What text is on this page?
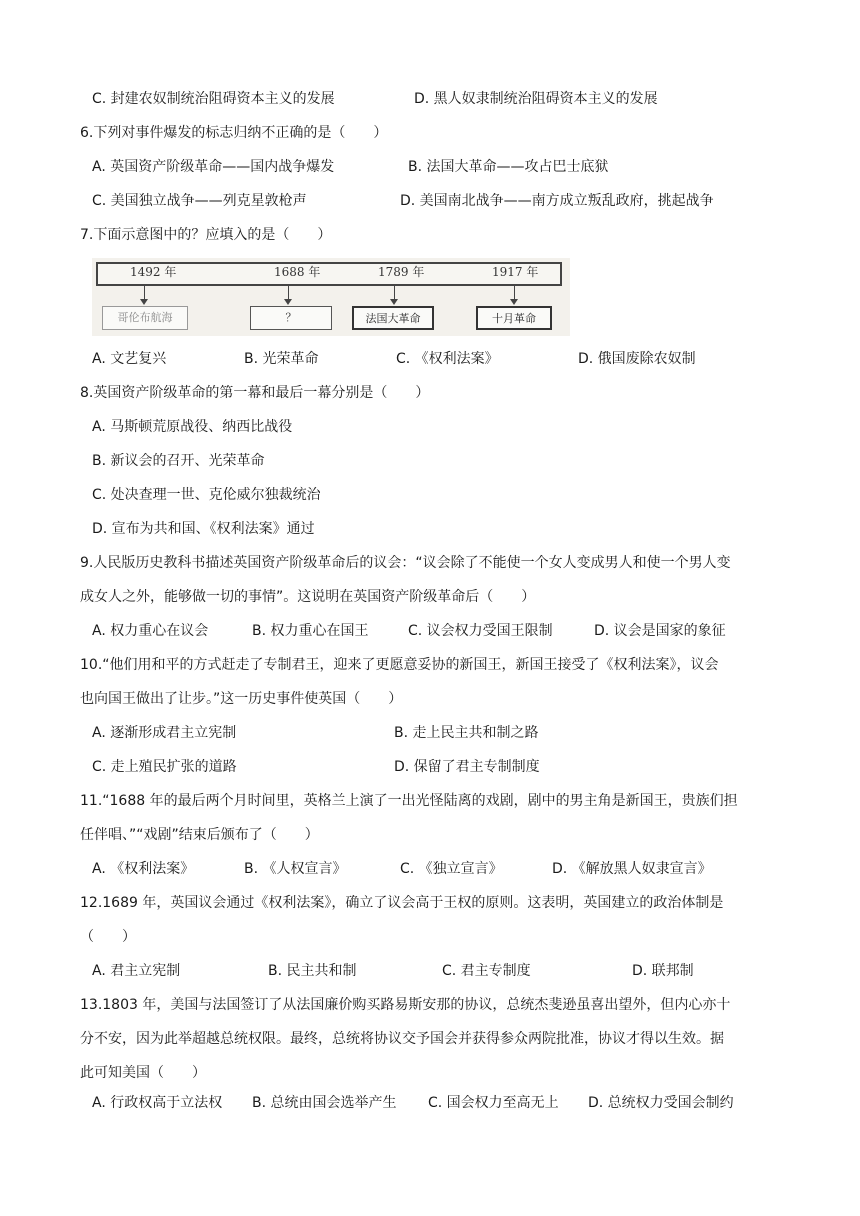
C. 封建农奴制统治阻碍资本主义的发展	D. 黑人奴隶制统治阻碍资本主义的发展
6.下列对事件爆发的标志归纳不正确的是（　　）
A. 英国资产阶级革命——国内战争爆发	B. 法国大革命——攻占巴士底狱
C. 美国独立战争——列克星敦枪声	D. 美国南北战争——南方成立叛乱政府，挑起战争
7.下面示意图中的？应填入的是（　　）
1492 年	1688 年	1789 年	1917 年
哥伦布航海	？	法国大革命	十月革命
A. 文艺复兴	B. 光荣革命	C. 《权利法案》	D. 俄国废除农奴制
8.英国资产阶级革命的第一幕和最后一幕分别是（　　）
A. 马斯顿荒原战役、纳西比战役
B. 新议会的召开、光荣革命
C. 处决查理一世、克伦威尔独裁统治
D. 宣布为共和国、《权利法案》通过
9.人民版历史教科书描述英国资产阶级革命后的议会：“议会除了不能使一个女人变成男人和使一个男人变
成女人之外，能够做一切的事情”。这说明在英国资产阶级革命后（　　）
A. 权力重心在议会	B. 权力重心在国王	C. 议会权力受国王限制	D. 议会是国家的象征
10.“他们用和平的方式赶走了专制君王，迎来了更愿意妥协的新国王，新国王接受了《权利法案》，议会
也向国王做出了让步。”这一历史事件使英国（　　）
A. 逐渐形成君主立宪制	B. 走上民主共和制之路
C. 走上殖民扩张的道路	D. 保留了君主专制制度
11.“1688 年的最后两个月时间里，英格兰上演了一出光怪陆离的戏剧，剧中的男主角是新国王，贵族们担
任伴唱、”“戏剧”结束后颁布了（　　）
A. 《权利法案》	B. 《人权宣言》	C. 《独立宣言》	D. 《解放黑人奴隶宣言》
12.1689 年，英国议会通过《权利法案》，确立了议会高于王权的原则。这表明，英国建立的政治体制是
（　　）
A. 君主立宪制	B. 民主共和制	C. 君主专制度	D. 联邦制
13.1803 年，美国与法国签订了从法国廉价购买路易斯安那的协议，总统杰斐逊虽喜出望外，但内心亦十
分不安，因为此举超越总统权限。最终，总统将协议交予国会并获得参众两院批准，协议才得以生效。据
此可知美国（　　）
A. 行政权高于立法权 B. 总统由国会选举产生 C. 国会权力至高无上 D. 总统权力受国会制约
